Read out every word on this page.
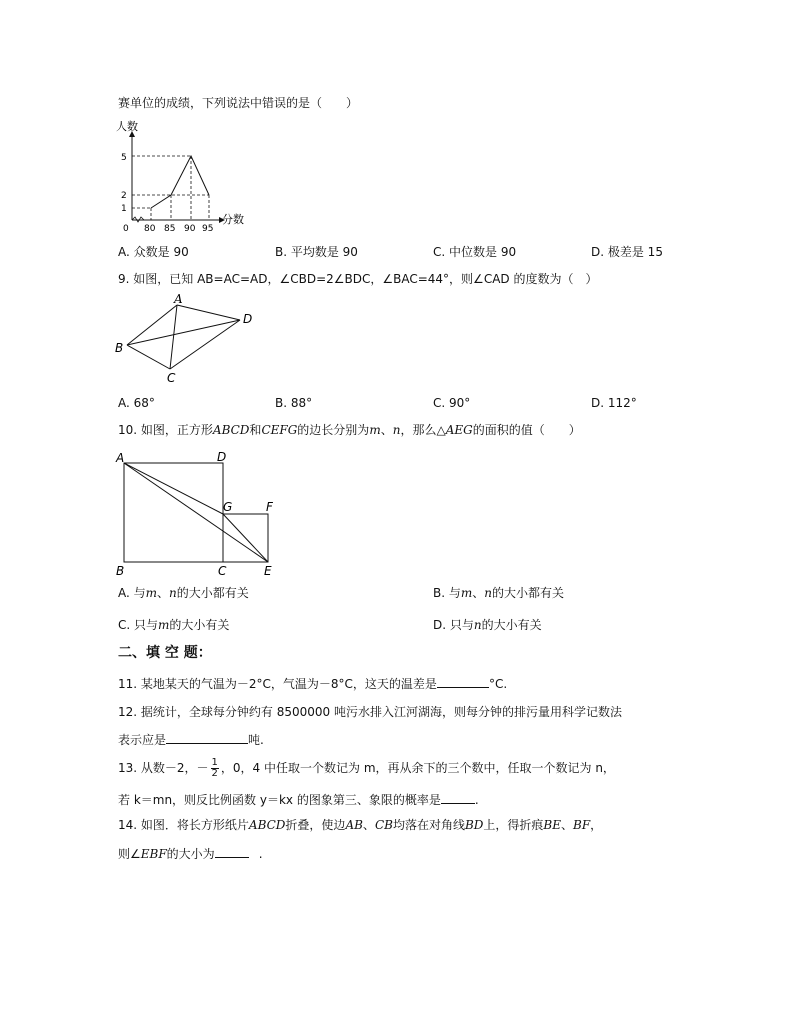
赛单位的成绩，下列说法中错误的是（　　）
人数
分数
0
5
2
1
80 85 90 95
A. 众数是 90	B. 平均数是 90	C. 中位数是 90	D. 极差是 15
9. 如图，已知 AB=AC=AD，∠CBD=2∠BDC，∠BAC=44°，则∠CAD 的度数为（　）
A
B
C
D
A. 68°	B. 88°	C. 90°	D. 112°
10. 如图，正方形ABCD和CEFG的边长分别为m、n，那么△AEG的面积的值（　　）
A	D
G	F
B	C	E
A. 与m、n的大小都有关	B. 与m、n的大小都有关
C. 只与m的大小有关	D. 只与n的大小有关
二、填 空 题：
11. 某地某天的气温为－2°C，气温为－8°C，这天的温差是	°C.
12. 据统计，全球每分钟约有 8500000 吨污水排入江河湖海，则每分钟的排污量用科学记数法
表示应是	吨.
13. 从数－2，－ $\frac{1}{2}$ ，0，4 中任取一个数记为 m，再从余下的三个数中，任取一个数记为 n，
若 k＝mn，则反比例函数 y＝kx 的图象第三、象限的概率是	.
14. 如图．将长方形纸片ABCD折叠，使边AB、CB均落在对角线BD上，得折痕BE、BF，
则∠EBF的大小为	.
